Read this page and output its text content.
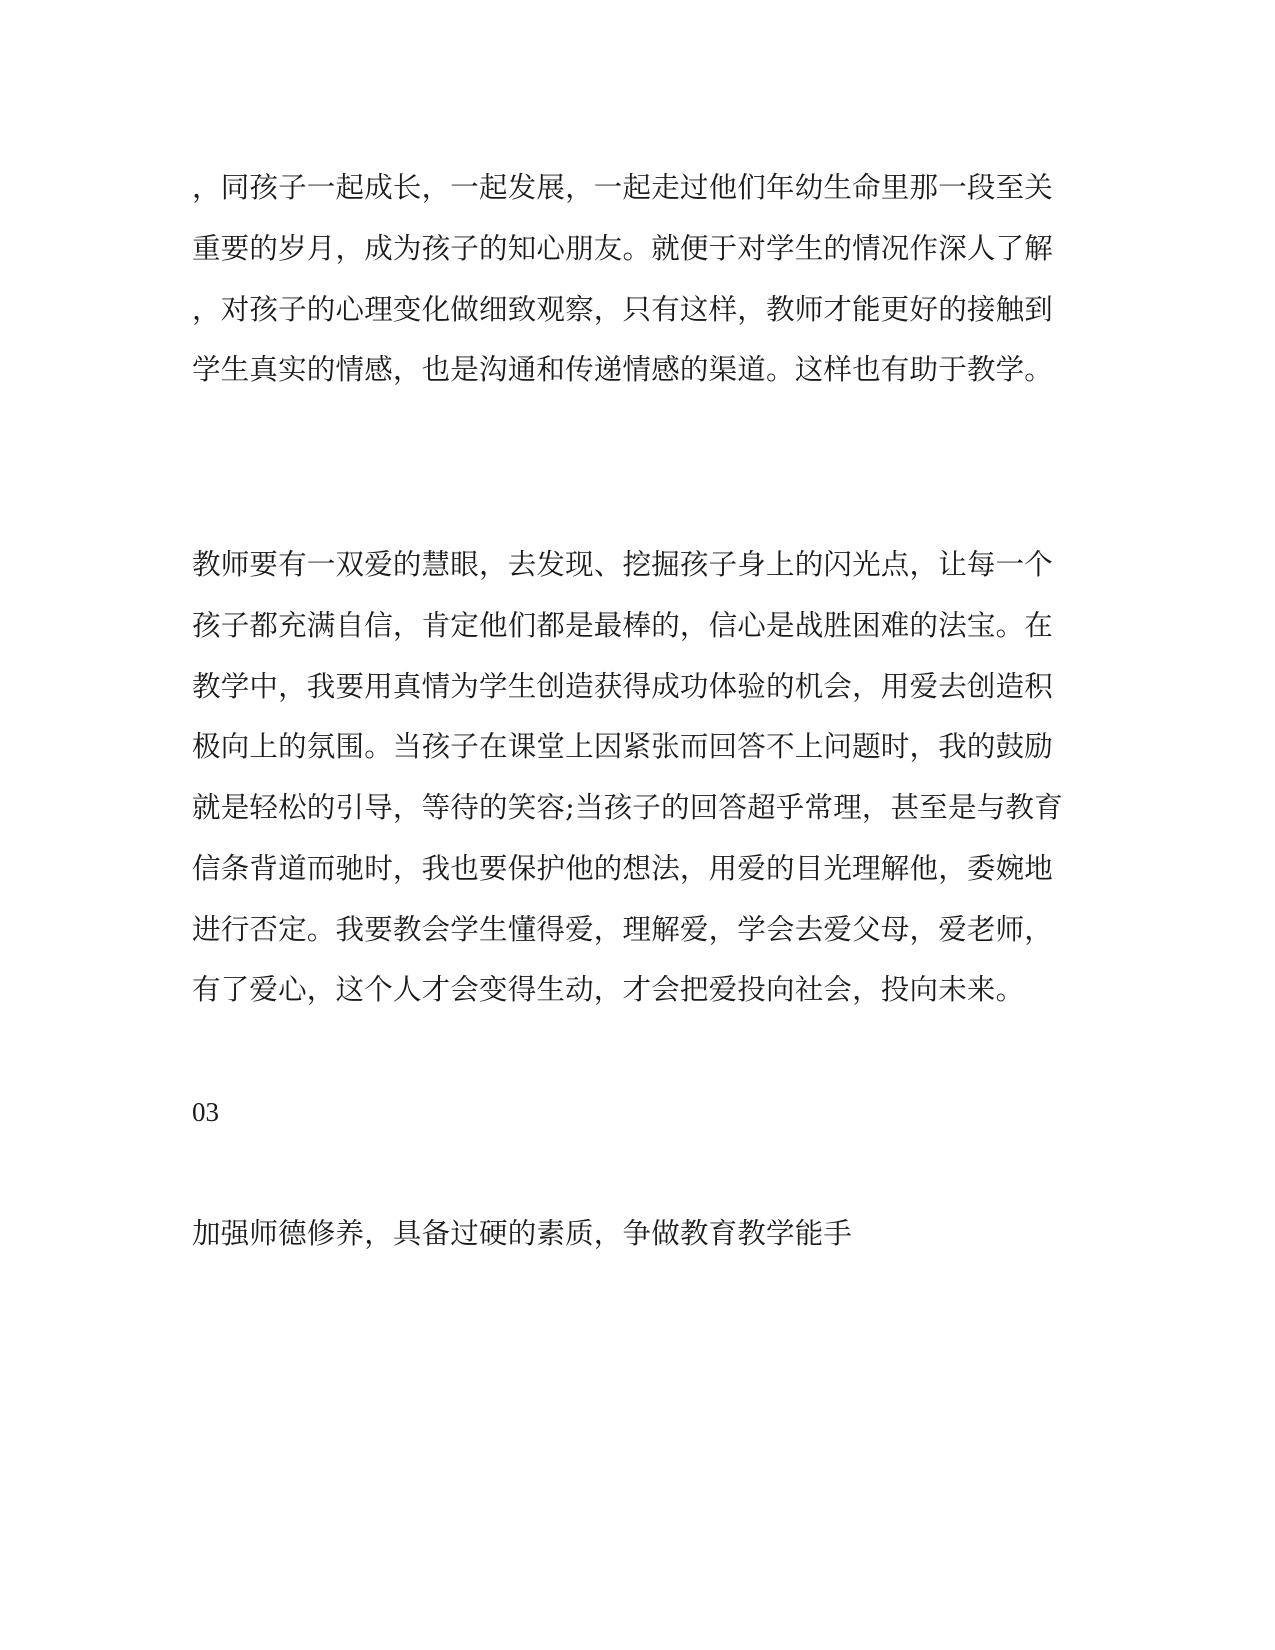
，同孩子一起成长，一起发展，一起走过他们年幼生命里那一段至关
重要的岁月，成为孩子的知心朋友。就便于对学生的情况作深人了解
，对孩子的心理变化做细致观察，只有这样，教师才能更好的接触到
学生真实的情感，也是沟通和传递情感的渠道。这样也有助于教学。
教师要有一双爱的慧眼，去发现、挖掘孩子身上的闪光点，让每一个
孩子都充满自信，肯定他们都是最棒的，信心是战胜困难的法宝。在
教学中，我要用真情为学生创造获得成功体验的机会，用爱去创造积
极向上的氛围。当孩子在课堂上因紧张而回答不上问题时，我的鼓励
就是轻松的引导，等待的笑容;当孩子的回答超乎常理，甚至是与教育
信条背道而驰时，我也要保护他的想法，用爱的目光理解他，委婉地
进行否定。我要教会学生懂得爱，理解爱，学会去爱父母，爱老师，
有了爱心，这个人才会变得生动，才会把爱投向社会，投向未来。
03
加强师德修养，具备过硬的素质，争做教育教学能手
